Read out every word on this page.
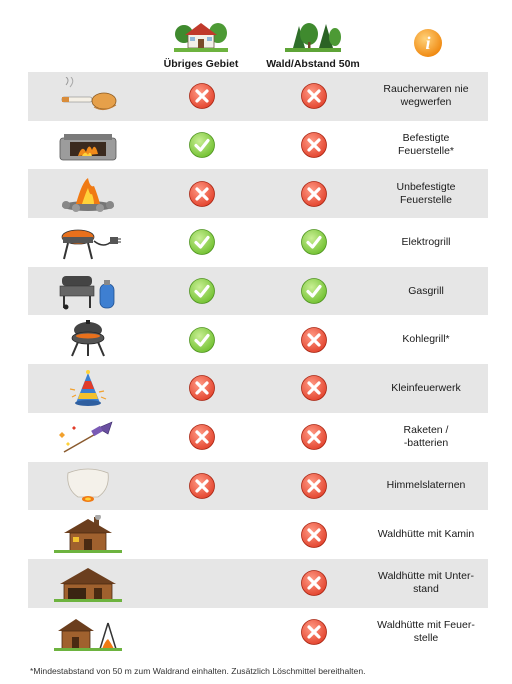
Übriges Gebiet	Wald/Abstand 50m
i
Raucherwaren nie
wegwerfen
Befestigte
Feuerstelle*
Unbefestigte
Feuerstelle
Elektrogrill
Gasgrill
Kohlegrill*
Kleinfeuerwerk
Raketen /
-batterien
Himmelslaternen
Waldhütte mit Kamin
Waldhütte mit Unter-
stand
Waldhütte mit Feuer-
stelle
*Mindestabstand von 50 m zum Waldrand einhalten. Zusätzlich Löschmittel bereithalten.
